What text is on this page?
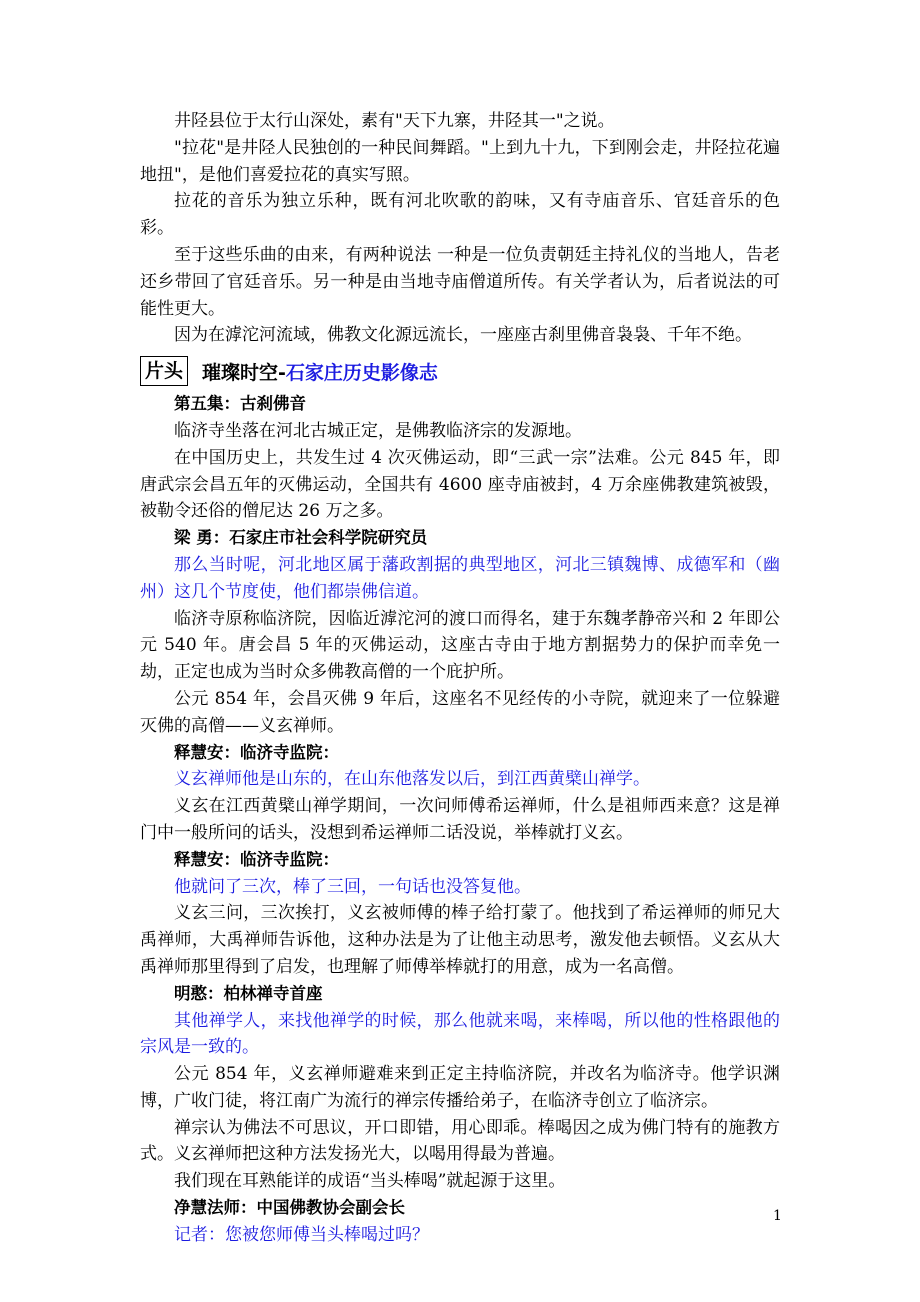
井陉县位于太行山深处，素有"天下九寨，井陉其一"之说。

"拉花"是井陉人民独创的一种民间舞蹈。"上到九十九，下到刚会走，井陉拉花遍地扭"，是他们喜爱拉花的真实写照。

拉花的音乐为独立乐种，既有河北吹歌的韵味，又有寺庙音乐、官廷音乐的色彩。

至于这些乐曲的由来，有两种说法 一种是一位负责朝廷主持礼仪的当地人，告老还乡带回了官廷音乐。另一种是由当地寺庙僧道所传。有关学者认为，后者说法的可能性更大。

因为在滹沱河流域，佛教文化源远流长，一座座古刹里佛音袅袅、千年不绝。

片头 璀璨时空-石家庄历史影像志

第五集：古刹佛音

临济寺坐落在河北古城正定，是佛教临济宗的发源地。

在中国历史上，共发生过 4 次灭佛运动，即“三武一宗”法难。公元 845 年，即唐武宗会昌五年的灭佛运动，全国共有 4600 座寺庙被封，4 万余座佛教建筑被毁，被勒令还俗的僧尼达 26 万之多。

梁 勇：石家庄市社会科学院研究员

那么当时呢，河北地区属于藩政割据的典型地区，河北三镇魏博、成德军和（幽州）这几个节度使，他们都崇佛信道。

临济寺原称临济院，因临近滹沱河的渡口而得名，建于东魏孝静帝兴和 2 年即公元 540 年。唐会昌 5 年的灭佛运动，这座古寺由于地方割据势力的保护而幸免一劫，正定也成为当时众多佛教高僧的一个庇护所。

公元 854 年，会昌灭佛 9 年后，这座名不见经传的小寺院，就迎来了一位躲避灭佛的高僧——义玄禅师。

释慧安：临济寺监院：

义玄禅师他是山东的，在山东他落发以后，到江西黄檗山禅学。

义玄在江西黄檗山禅学期间，一次问师傅希运禅师，什么是祖师西来意？这是禅门中一般所问的话头，没想到希运禅师二话没说，举棒就打义玄。

释慧安：临济寺监院：

他就问了三次，棒了三回，一句话也没答复他。

义玄三问，三次挨打，义玄被师傅的棒子给打蒙了。他找到了希运禅师的师兄大禹禅师，大禹禅师告诉他，这种办法是为了让他主动思考，激发他去顿悟。义玄从大禹禅师那里得到了启发，也理解了师傅举棒就打的用意，成为一名高僧。

明憨：柏林禅寺首座

其他禅学人，来找他禅学的时候，那么他就来喝，来棒喝，所以他的性格跟他的宗风是一致的。

公元 854 年，义玄禅师避难来到正定主持临济院，并改名为临济寺。他学识渊博，广收门徒，将江南广为流行的禅宗传播给弟子，在临济寺创立了临济宗。

禅宗认为佛法不可思议，开口即错，用心即乖。棒喝因之成为佛门特有的施教方式。义玄禅师把这种方法发扬光大，以喝用得最为普遍。

我们现在耳熟能详的成语“当头棒喝”就起源于这里。

净慧法师：中国佛教协会副会长

记者：您被您师傅当头棒喝过吗？

1
